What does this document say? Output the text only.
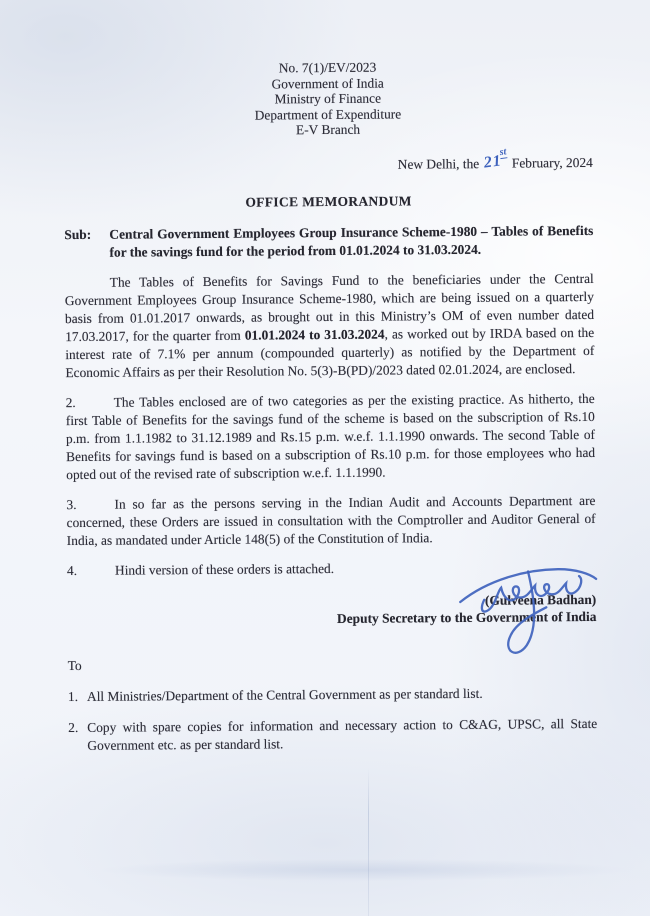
No. 7(1)/EV/2023
Government of India
Ministry of Finance
Department of Expenditure
E-V Branch
New Delhi, the 21stFebruary, 2024
OFFICE MEMORANDUM
Sub:	Central Government Employees Group Insurance Scheme-1980 – Tables of Benefits for the savings fund for the period from 01.01.2024 to 31.03.2024.

The Tables of Benefits for Savings Fund to the beneficiaries under the Central Government Employees Group Insurance Scheme-1980, which are being issued on a quarterly basis from 01.01.2017 onwards, as brought out in this Ministry’s OM of even number dated 17.03.2017, for the quarter from 01.01.2024 to 31.03.2024, as worked out by IRDA based on the interest rate of 7.1% per annum (compounded quarterly) as notified by the Department of Economic Affairs as per their Resolution No. 5(3)-B(PD)/2023 dated 02.01.2024, are enclosed.

2.	The Tables enclosed are of two categories as per the existing practice. As hitherto, the first Table of Benefits for the savings fund of the scheme is based on the subscription of Rs.10 p.m. from 1.1.1982 to 31.12.1989 and Rs.15 p.m. w.e.f. 1.1.1990 onwards. The second Table of Benefits for savings fund is based on a subscription of Rs.10 p.m. for those employees who had opted out of the revised rate of subscription w.e.f. 1.1.1990.

3.	In so far as the persons serving in the Indian Audit and Accounts Department are concerned, these Orders are issued in consultation with the Comptroller and Auditor General of India, as mandated under Article 148(5) of the Constitution of India.

4.	Hindi version of these orders is attached.

(Gulveena Badhan)
Deputy Secretary to the Government of India
To
1. All Ministries/Department of the Central Government as per standard list.
2. Copy with spare copies for information and necessary action to C&AG, UPSC, all State Government etc. as per standard list.
